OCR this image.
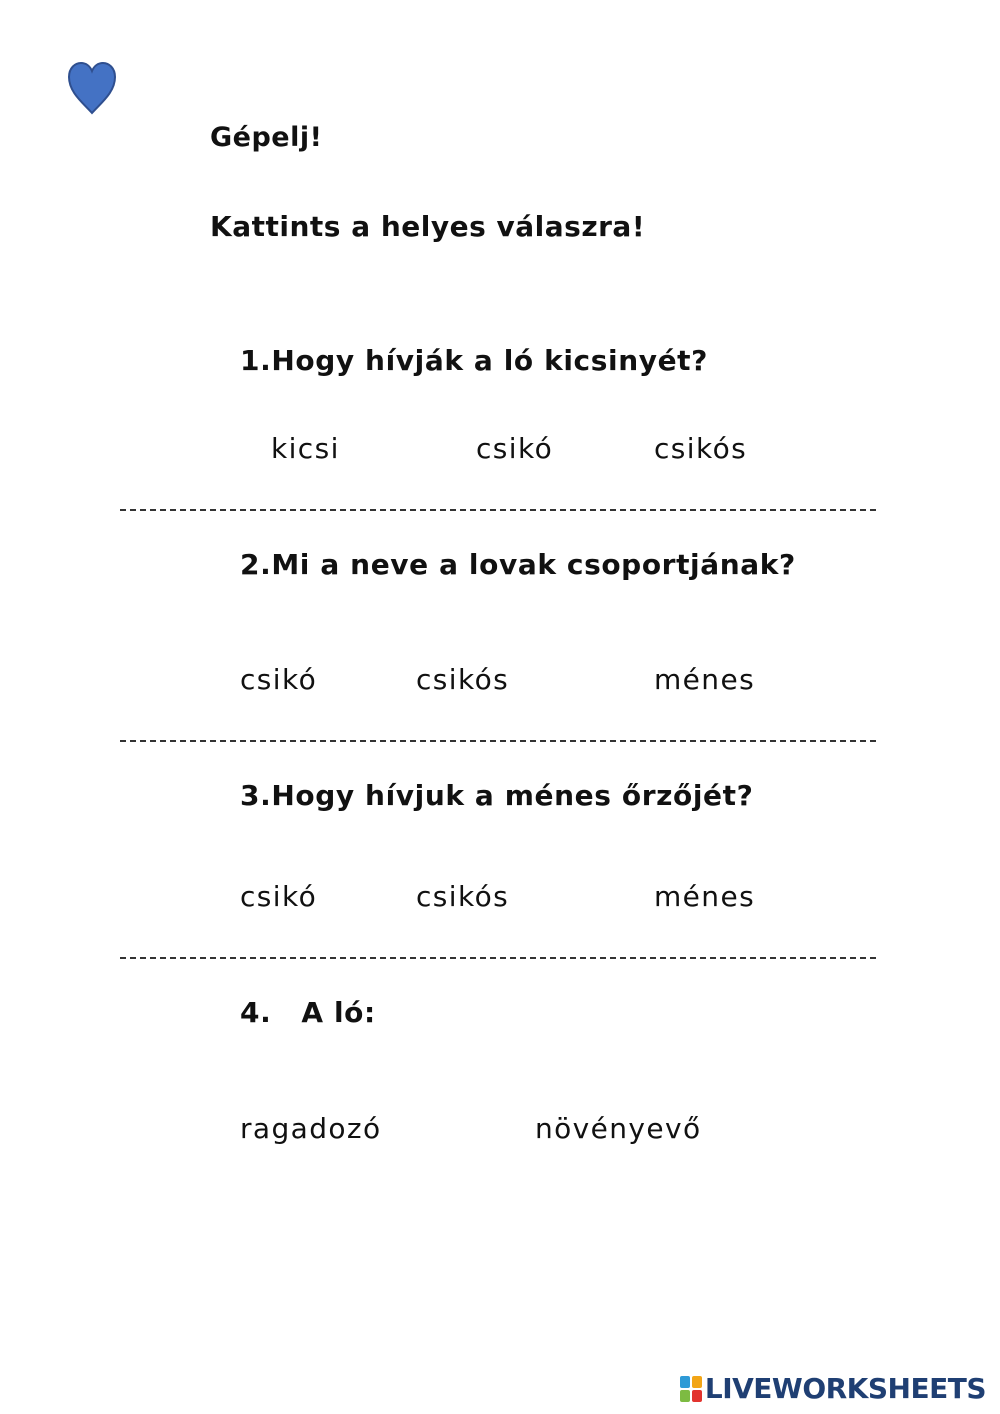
Gépelj!
Kattints a helyes válaszra!
1.Hogy hívják a ló kicsinyét?
kicsi	csikó	csikós
2.Mi a neve a lovak csoportjának?
csikó	csikós	ménes
3.Hogy hívjuk a ménes őrzőjét?
csikó	csikós	ménes
4. A ló:
ragadozó	növényevő
LIVEWORKSHEETS
